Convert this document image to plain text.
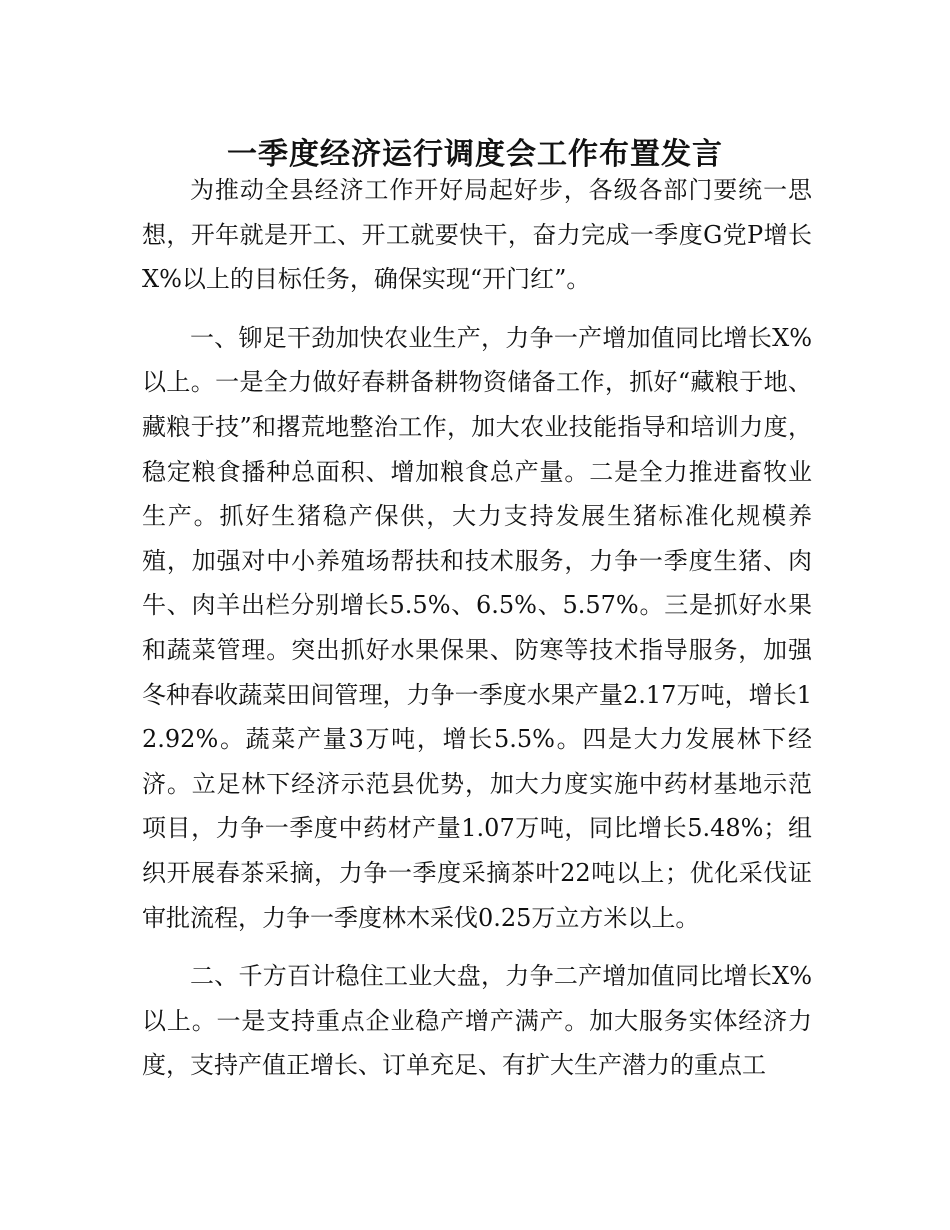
一季度经济运行调度会工作布置发言

为推动全县经济工作开好局起好步，各级各部门要统一思想，开年就是开工、开工就要快干，奋力完成一季度G党P增长X%以上的目标任务，确保实现“开门红”。

一、铆足干劲加快农业生产，力争一产增加值同比增长X%以上。一是全力做好春耕备耕物资储备工作，抓好“藏粮于地、藏粮于技”和撂荒地整治工作，加大农业技能指导和培训力度，稳定粮食播种总面积、增加粮食总产量。二是全力推进畜牧业生产。抓好生猪稳产保供，大力支持发展生猪标准化规模养殖，加强对中小养殖场帮扶和技术服务，力争一季度生猪、肉牛、肉羊出栏分别增长5.5%、6.5%、5.57%。三是抓好水果和蔬菜管理。突出抓好水果保果、防寒等技术指导服务，加强冬种春收蔬菜田间管理，力争一季度水果产量2.17万吨，增长12.92%。蔬菜产量3万吨，增长5.5%。四是大力发展林下经济。立足林下经济示范县优势，加大力度实施中药材基地示范项目，力争一季度中药材产量1.07万吨，同比增长5.48%；组织开展春茶采摘，力争一季度采摘茶叶22吨以上；优化采伐证审批流程，力争一季度林木采伐0.25万立方米以上。

二、千方百计稳住工业大盘，力争二产增加值同比增长X%以上。一是支持重点企业稳产增产满产。加大服务实体经济力度，支持产值正增长、订单充足、有扩大生产潜力的重点工
